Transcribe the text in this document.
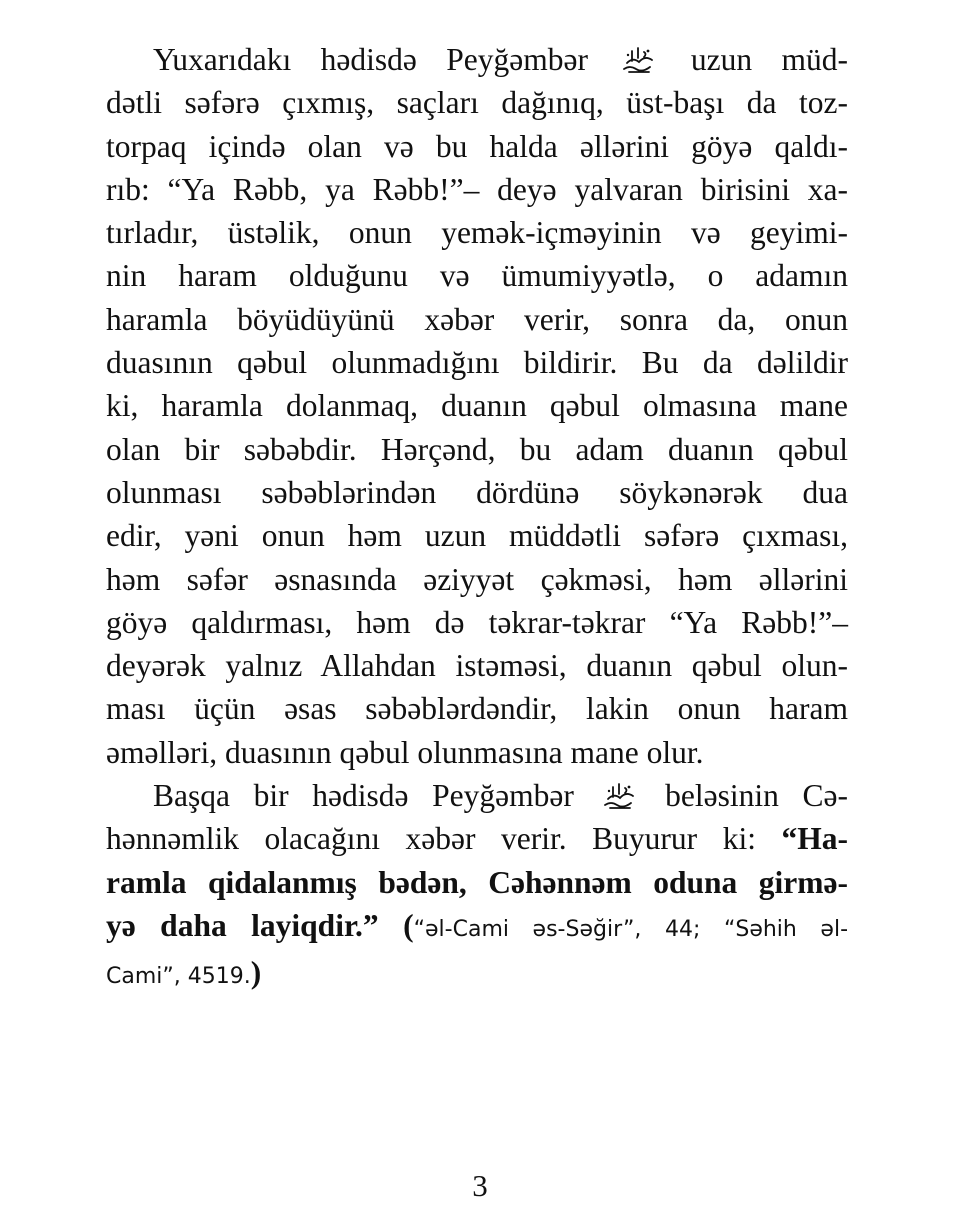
Yuxarıdakı hədisdə Peyğəmbər	uzun müd-
dətli səfərə çıxmış, saçları dağınıq, üst-başı da toz-
torpaq içində olan və bu halda əllərini göyə qaldı-
rıb: “Ya Rəbb, ya Rəbb!”– deyə yalvaran birisini xa-
tırladır, üstəlik, onun yemək-içməyinin və geyimi-
nin haram olduğunu və ümumiyyətlə, o adamın
haramla böyüdüyünü xəbər verir, sonra da, onun
duasının qəbul olunmadığını bildirir. Bu da dəlildir
ki, haramla dolanmaq, duanın qəbul olmasına mane
olan bir səbəbdir. Hərçənd, bu adam duanın qəbul
olunması səbəblərindən dördünə söykənərək dua
edir, yəni onun həm uzun müddətli səfərə çıxması,
həm səfər əsnasında əziyyət çəkməsi, həm əllərini
göyə qaldırması, həm də təkrar-təkrar “Ya Rəbb!”–
deyərək yalnız Allahdan istəməsi, duanın qəbul olun-
ması üçün əsas səbəblərdəndir, lakin onun haram
əməlləri, duasının qəbul olunmasına mane olur.
Başqa bir hədisdə Peyğəmbər	beləsinin Cə-
hənnəmlik olacağını xəbər verir. Buyurur ki: “Ha-
ramla qidalanmış bədən, Cəhənnəm oduna girmə-
yə daha layiqdir.” (“əl-Cami əs-Səğir”, 44; “Səhih əl-
Cami”, 4519.)
3
